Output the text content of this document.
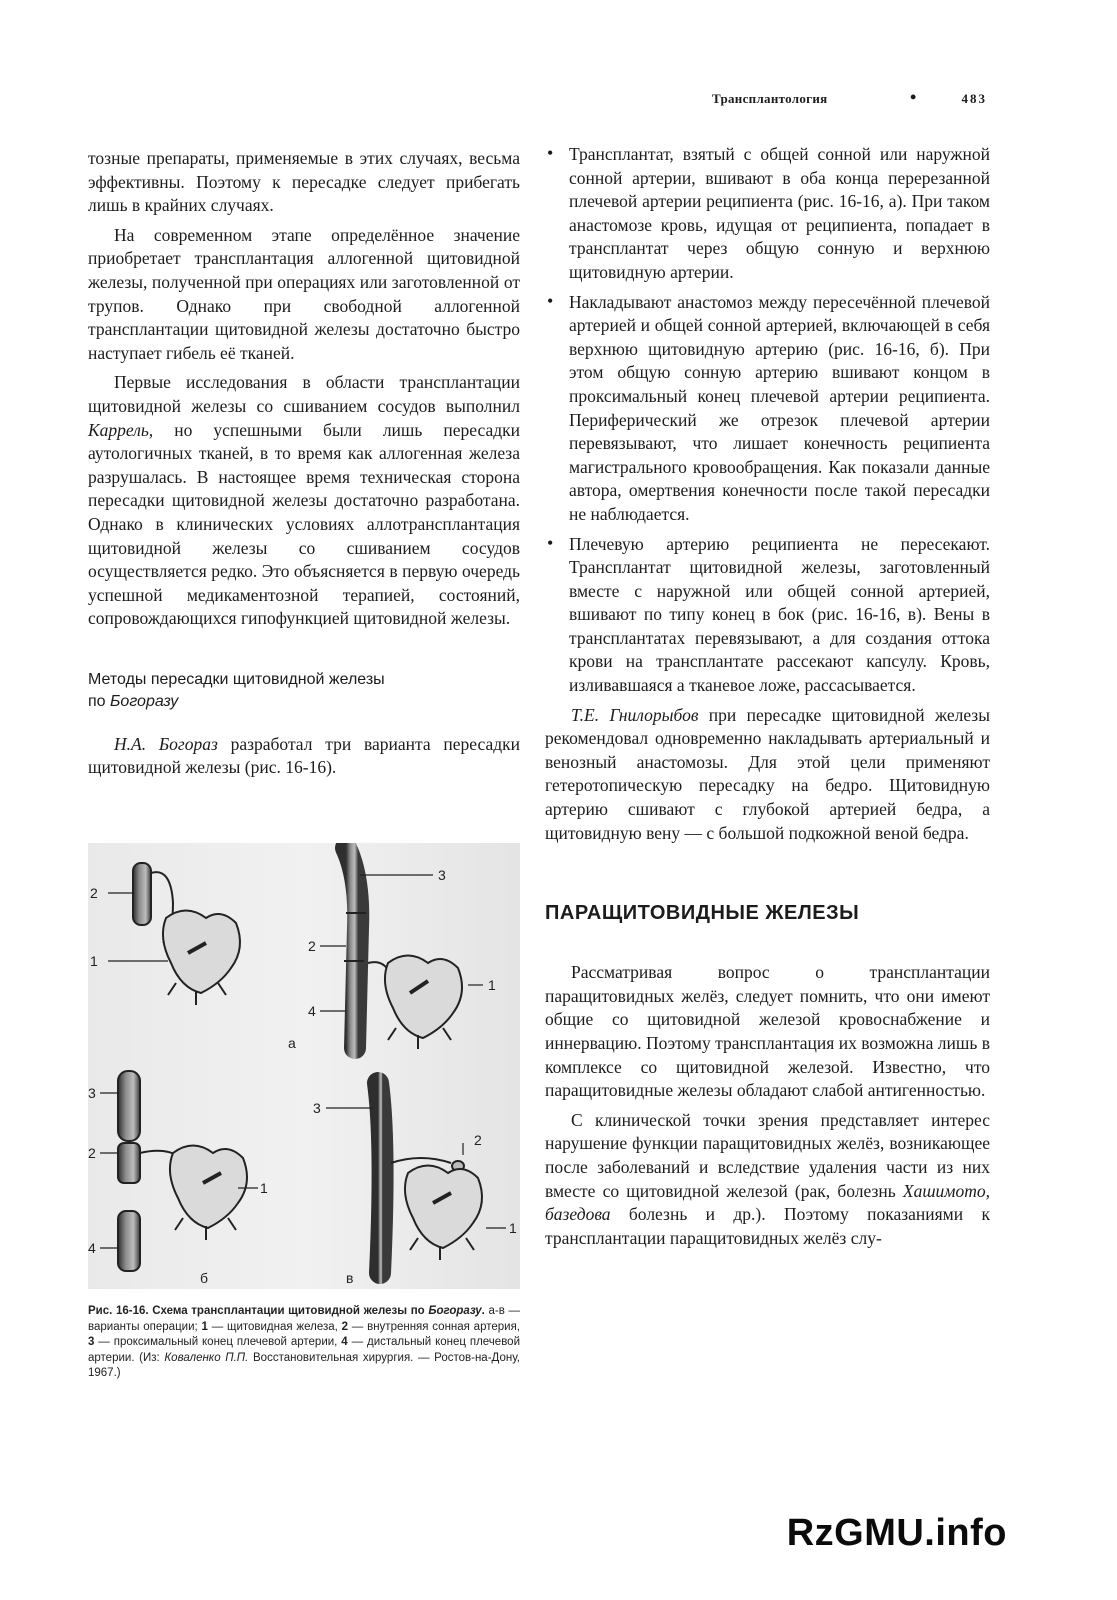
Трансплантология	•	483

тозные препараты, применяемые в этих случаях, весьма эффективны. Поэтому к пересадке следует прибегать лишь в крайних случаях.

На современном этапе определённое значение приобретает трансплантация аллогенной щитовидной железы, полученной при операциях или заготовленной от трупов. Однако при свободной аллогенной трансплантации щитовидной железы достаточно быстро наступает гибель её тканей.

Первые исследования в области трансплантации щитовидной железы со сшиванием сосудов выполнил Каррель, но успешными были лишь пересадки аутологичных тканей, в то время как аллогенная железа разрушалась. В настоящее время техническая сторона пересадки щитовидной железы достаточно разработана. Однако в клинических условиях аллотрансплантация щитовидной железы со сшиванием сосудов осуществляется редко. Это объясняется в первую очередь успешной медикаментозной терапией, состояний, сопровождающихся гипофункцией щитовидной железы.

Методы пересадки щитовидной железы
по Богоразу

Н.А. Богораз разработал три варианта пересадки щитовидной железы (рис. 16-16).

2
1
3
2
4
1
а
3
2
1
4
б
3
2
1
в
Рис. 16-16. Схема трансплантации щитовидной железы по Богоразу. а-в — варианты операции; 1 — щитовидная железа, 2 — внутренняя сонная артерия, 3 — проксимальный конец плечевой артерии, 4 — дистальный конец плечевой артерии. (Из: Коваленко П.П. Восстановительная хирургия. — Ростов-на-Дону, 1967.)
• Трансплантат, взятый с общей сонной или наружной сонной артерии, вшивают в оба конца перерезанной плечевой артерии реципиента (рис. 16-16, а). При таком анастомозе кровь, идущая от реципиента, попадает в трансплантат через общую сонную и верхнюю щитовидную артерии.
• Накладывают анастомоз между пересечённой плечевой артерией и общей сонной артерией, включающей в себя верхнюю щитовидную артерию (рис. 16-16, б). При этом общую сонную артерию вшивают концом в проксимальный конец плечевой артерии реципиента. Периферический же отрезок плечевой артерии перевязывают, что лишает конечность реципиента магистрального кровообращения. Как показали данные автора, омертвения конечности после такой пересадки не наблюдается.
• Плечевую артерию реципиента не пересекают. Трансплантат щитовидной железы, заготовленный вместе с наружной или общей сонной артерией, вшивают по типу конец в бок (рис. 16-16, в). Вены в трансплантатах перевязывают, а для создания оттока крови на трансплантате рассекают капсулу. Кровь, изливавшаяся а тканевое ложе, рассасывается.

Т.Е. Гнилорыбов при пересадке щитовидной железы рекомендовал одновременно накладывать артериальный и венозный анастомозы. Для этой цели применяют гетеротопическую пересадку на бедро. Щитовидную артерию сшивают с глубокой артерией бедра, а щитовидную вену — с большой подкожной веной бедра.

ПАРАЩИТОВИДНЫЕ ЖЕЛЕЗЫ

Рассматривая вопрос о трансплантации паращитовидных желёз, следует помнить, что они имеют общие со щитовидной железой кровоснабжение и иннервацию. Поэтому трансплантация их возможна лишь в комплексе со щитовидной железой. Известно, что паращитовидные железы обладают слабой антигенностью.

С клинической точки зрения представляет интерес нарушение функции паращитовидных желёз, возникающее после заболеваний и вследствие удаления части из них вместе со щитовидной железой (рак, болезнь Хашимото, базедова болезнь и др.). Поэтому показаниями к трансплантации паращитовидных желёз слу-

RzGMU.info
